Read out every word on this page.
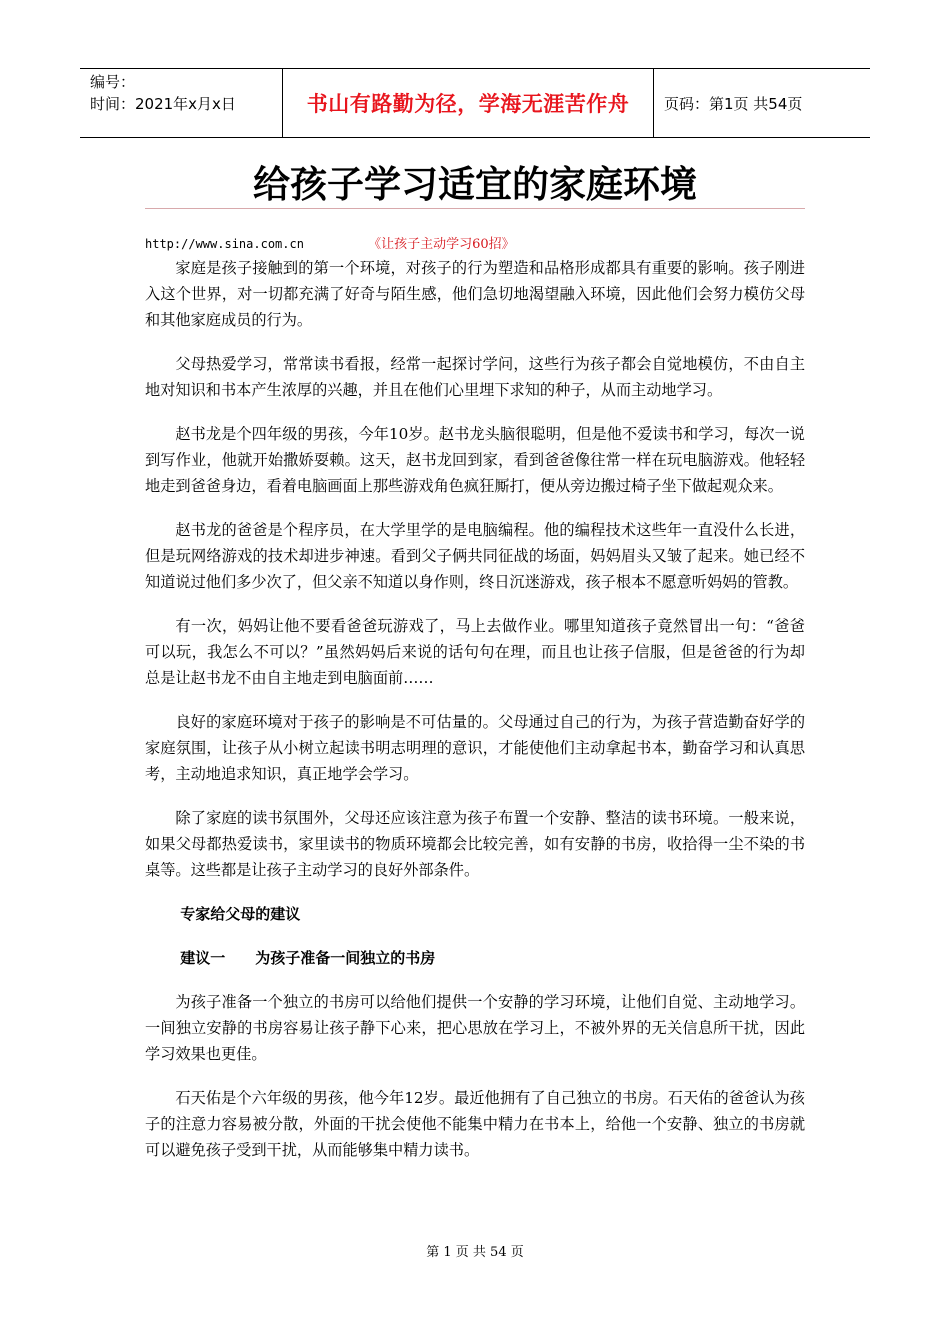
编号：
时间：2021年x月x日	书山有路勤为径，学海无涯苦作舟	页码：第1页 共54页
给孩子学习适宜的家庭环境
http://www.sina.com.cn	《让孩子主动学习60招》

家庭是孩子接触到的第一个环境，对孩子的行为塑造和品格形成都具有重要的影响。孩子刚进入这个世界，对一切都充满了好奇与陌生感，他们急切地渴望融入环境，因此他们会努力模仿父母和其他家庭成员的行为。

父母热爱学习，常常读书看报，经常一起探讨学问，这些行为孩子都会自觉地模仿，不由自主地对知识和书本产生浓厚的兴趣，并且在他们心里埋下求知的种子，从而主动地学习。

赵书龙是个四年级的男孩，今年10岁。赵书龙头脑很聪明，但是他不爱读书和学习，每次一说到写作业，他就开始撒娇耍赖。这天，赵书龙回到家，看到爸爸像往常一样在玩电脑游戏。他轻轻地走到爸爸身边，看着电脑画面上那些游戏角色疯狂厮打，便从旁边搬过椅子坐下做起观众来。

赵书龙的爸爸是个程序员，在大学里学的是电脑编程。他的编程技术这些年一直没什么长进，但是玩网络游戏的技术却进步神速。看到父子俩共同征战的场面，妈妈眉头又皱了起来。她已经不知道说过他们多少次了，但父亲不知道以身作则，终日沉迷游戏，孩子根本不愿意听妈妈的管教。

有一次，妈妈让他不要看爸爸玩游戏了，马上去做作业。哪里知道孩子竟然冒出一句：“爸爸可以玩，我怎么不可以？”虽然妈妈后来说的话句句在理，而且也让孩子信服，但是爸爸的行为却总是让赵书龙不由自主地走到电脑面前……

良好的家庭环境对于孩子的影响是不可估量的。父母通过自己的行为，为孩子营造勤奋好学的家庭氛围，让孩子从小树立起读书明志明理的意识，才能使他们主动拿起书本，勤奋学习和认真思考，主动地追求知识，真正地学会学习。

除了家庭的读书氛围外，父母还应该注意为孩子布置一个安静、整洁的读书环境。一般来说，如果父母都热爱读书，家里读书的物质环境都会比较完善，如有安静的书房，收拾得一尘不染的书桌等。这些都是让孩子主动学习的良好外部条件。

专家给父母的建议
建议一　　为孩子准备一间独立的书房

为孩子准备一个独立的书房可以给他们提供一个安静的学习环境，让他们自觉、主动地学习。一间独立安静的书房容易让孩子静下心来，把心思放在学习上，不被外界的无关信息所干扰，因此学习效果也更佳。

石天佑是个六年级的男孩，他今年12岁。最近他拥有了自己独立的书房。石天佑的爸爸认为孩子的注意力容易被分散，外面的干扰会使他不能集中精力在书本上，给他一个安静、独立的书房就可以避免孩子受到干扰，从而能够集中精力读书。

第 1 页 共 54 页
